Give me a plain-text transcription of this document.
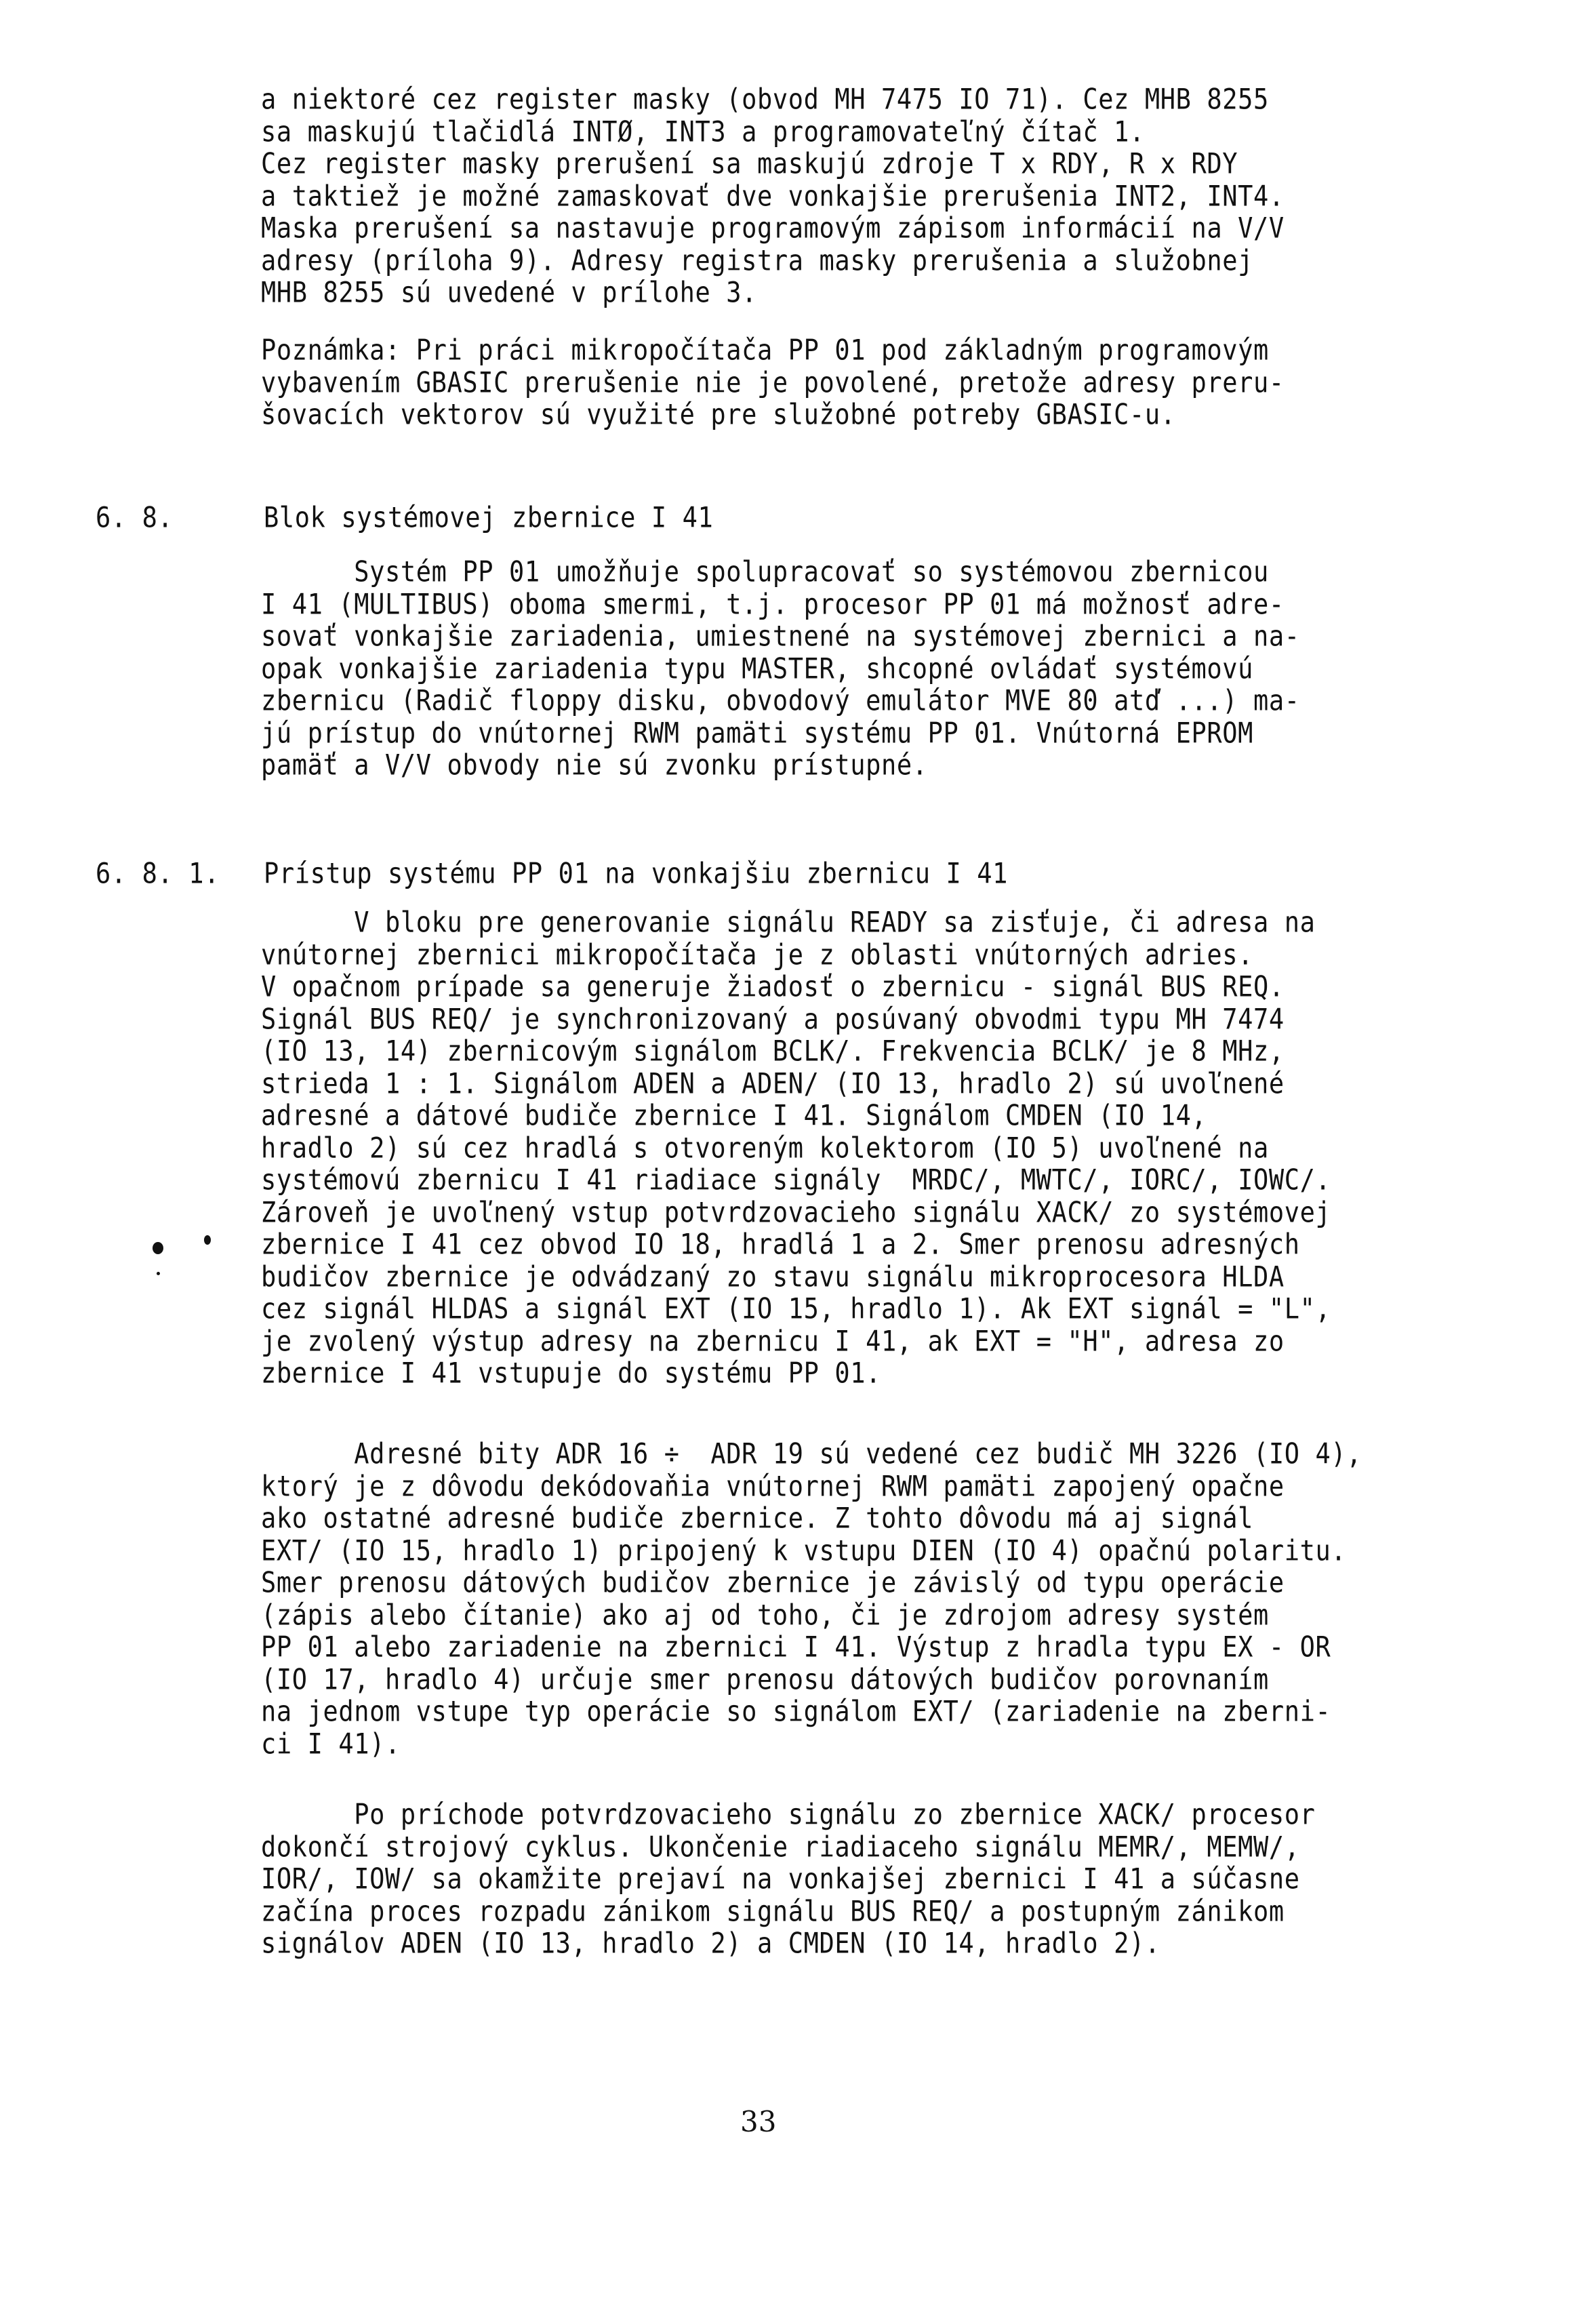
a niektoré cez register masky (obvod MH 7475 IO 71). Cez MHB 8255
sa maskujú tlačidlá INTØ, INT3 a programovateľný čítač 1.
Cez register masky prerušení sa maskujú zdroje T x RDY, R x RDY
a taktiež je možné zamaskovať dve vonkajšie prerušenia INT2, INT4.
Maska prerušení sa nastavuje programovým zápisom informácií na V/V
adresy (príloha 9). Adresy registra masky prerušenia a služobnej
MHB 8255 sú uvedené v prílohe 3.
Poznámka: Pri práci mikropočítača PP 01 pod základným programovým
vybavením GBASIC prerušenie nie je povolené, pretože adresy preru-
šovacích vektorov sú využité pre služobné potreby GBASIC-u.
6. 8.	Blok systémovej zbernice I 41
Systém PP 01 umožňuje spolupracovať so systémovou zbernicou
I 41 (MULTIBUS) oboma smermi, t.j. procesor PP 01 má možnosť adre-
sovať vonkajšie zariadenia, umiestnené na systémovej zbernici a na-
opak vonkajšie zariadenia typu MASTER, shcopné ovládať systémovú
zbernicu (Radič floppy disku, obvodový emulátor MVE 80 atď ...) ma-
jú prístup do vnútornej RWM pamäti systému PP 01. Vnútorná EPROM
pamäť a V/V obvody nie sú zvonku prístupné.
6. 8. 1. Prístup systému PP 01 na vonkajšiu zbernicu I 41
V bloku pre generovanie signálu READY sa zisťuje, či adresa na
vnútornej zbernici mikropočítača je z oblasti vnútorných adries.
V opačnom prípade sa generuje žiadosť o zbernicu - signál BUS REQ.
Signál BUS REQ/ je synchronizovaný a posúvaný obvodmi typu MH 7474
(IO 13, 14) zbernicovým signálom BCLK/. Frekvencia BCLK/ je 8 MHz,
strieda 1 : 1. Signálom ADEN a ADEN/ (IO 13, hradlo 2) sú uvoľnené
adresné a dátové budiče zbernice I 41. Signálom CMDEN (IO 14,
hradlo 2) sú cez hradlá s otvoreným kolektorom (IO 5) uvoľnené na
systémovú zbernicu I 41 riadiace signály  MRDC/, MWTC/, IORC/, IOWC/.
Zároveň je uvoľnený vstup potvrdzovacieho signálu XACK/ zo systémovej
zbernice I 41 cez obvod IO 18, hradlá 1 a 2. Smer prenosu adresných
budičov zbernice je odvádzaný zo stavu signálu mikroprocesora HLDA
cez signál HLDAS a signál EXT (IO 15, hradlo 1). Ak EXT signál = "L",
je zvolený výstup adresy na zbernicu I 41, ak EXT = "H", adresa zo
zbernice I 41 vstupuje do systému PP 01.
Adresné bity ADR 16 ÷  ADR 19 sú vedené cez budič MH 3226 (IO 4),
ktorý je z dôvodu dekódovaňia vnútornej RWM pamäti zapojený opačne
ako ostatné adresné budiče zbernice. Z tohto dôvodu má aj signál
EXT/ (IO 15, hradlo 1) pripojený k vstupu DIEN (IO 4) opačnú polaritu.
Smer prenosu dátových budičov zbernice je závislý od typu operácie
(zápis alebo čítanie) ako aj od toho, či je zdrojom adresy systém
PP 01 alebo zariadenie na zbernici I 41. Výstup z hradla typu EX - OR
(IO 17, hradlo 4) určuje smer prenosu dátových budičov porovnaním
na jednom vstupe typ operácie so signálom EXT/ (zariadenie na zberni-
ci I 41).
Po príchode potvrdzovacieho signálu zo zbernice XACK/ procesor
dokončí strojový cyklus. Ukončenie riadiaceho signálu MEMR/, MEMW/,
IOR/, IOW/ sa okamžite prejaví na vonkajšej zbernici I 41 a súčasne
začína proces rozpadu zánikom signálu BUS REQ/ a postupným zánikom
signálov ADEN (IO 13, hradlo 2) a CMDEN (IO 14, hradlo 2).
33
